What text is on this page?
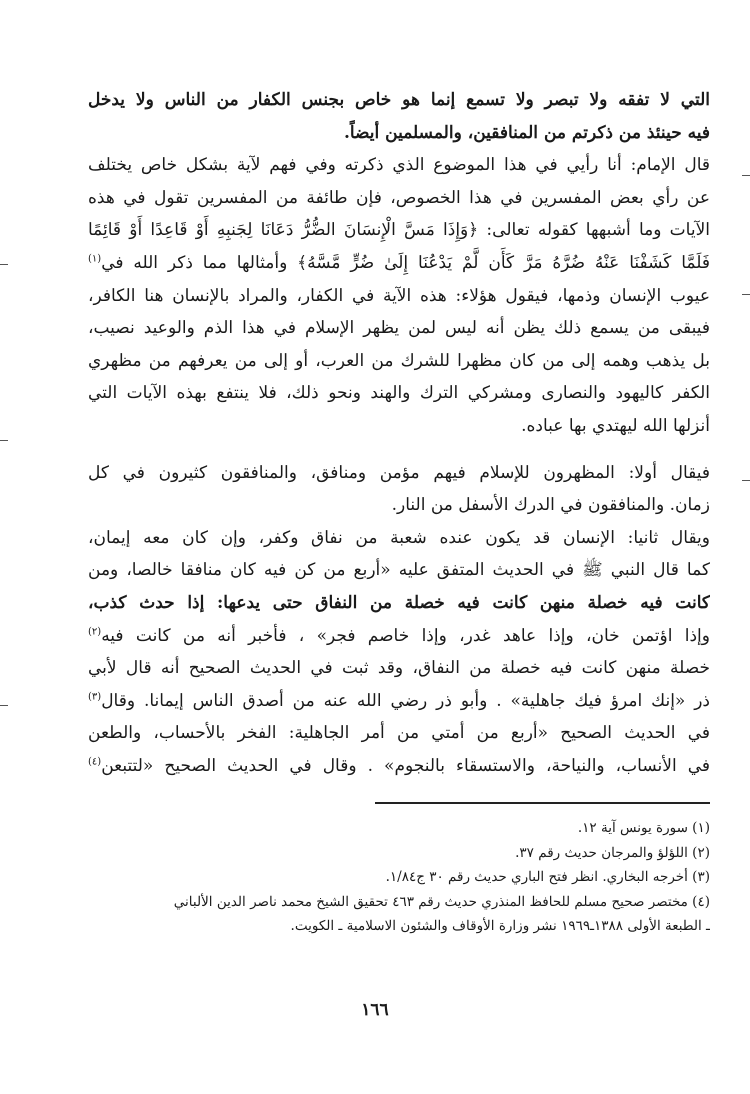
التي لا تفقه ولا تبصر ولا تسمع إنما هو خاص بجنس الكفار من الناس ولا يدخل
فيه حينئذ من ذكرتم من المنافقين، والمسلمين أيضاً.
قال الإمام: أنا رأيي في هذا الموضوع الذي ذكرته وفي فهم لآية بشكل خاص يختلف
عن رأي بعض المفسرين في هذا الخصوص، فإن طائفة من المفسرين تقول في هذه
الآيات وما أشبهها كقوله تعالى: ﴿وَإِذَا مَسَّ الْإِنسَانَ الضُّرُّ دَعَانَا لِجَنبِهِ أَوْ قَاعِدًا أَوْ قَائِمًا
فَلَمَّا كَشَفْنَا عَنْهُ ضُرَّهُ مَرَّ كَأَن لَّمْ يَدْعُنَا إِلَىٰ ضُرٍّ مَّسَّهُ﴾ وأمثالها مما ذكر الله في$^{(١)}$
عيوب الإنسان وذمها، فيقول هؤلاء: هذه الآية في الكفار، والمراد بالإنسان هنا الكافر،
فيبقى من يسمع ذلك يظن أنه ليس لمن يظهر الإسلام في هذا الذم والوعيد نصيب،
بل يذهب وهمه إلى من كان مظهرا للشرك من العرب، أو إلى من يعرفهم من مظهري
الكفر كاليهود والنصارى ومشركي الترك والهند ونحو ذلك، فلا ينتفع بهذه الآيات التي
أنزلها الله ليهتدي بها عباده.
فيقال أولا: المظهرون للإسلام فيهم مؤمن ومنافق، والمنافقون كثيرون في كل
زمان. والمنافقون في الدرك الأسفل من النار.
ويقال ثانيا: الإنسان قد يكون عنده شعبة من نفاق وكفر، وإن كان معه إيمان،
كما قال النبي ﷺ في الحديث المتفق عليه «أربع من كن فيه كان منافقا خالصا، ومن
كانت فيه خصلة منهن كانت فيه خصلة من النفاق حتى يدعها: إذا حدث كذب،
وإذا اؤتمن خان، وإذا عاهد غدر، وإذا خاصم فجر» ، فأخبر أنه من كانت فيه$^{(٢)}$
خصلة منهن كانت فيه خصلة من النفاق، وقد ثبت في الحديث الصحيح أنه قال لأبي
ذر «إنك امرؤ فيك جاهلية» . وأبو ذر رضي الله عنه من أصدق الناس إيمانا. وقال$^{(٣)}$
في الحديث الصحيح «أربع من أمتي من أمر الجاهلية: الفخر بالأحساب، والطعن
في الأنساب، والنياحة، والاستسقاء بالنجوم» . وقال في الحديث الصحيح «لتتبعن$^{(٤)}$
(١) سورة يونس آية ١٢.
(٢) اللؤلؤ والمرجان حديث رقم ٣٧.
(٣) أخرجه البخاري. انظر فتح الباري حديث رقم ٣٠ ج١/٨٤.
(٤) مختصر صحيح مسلم للحافظ المنذري حديث رقم ٤٦٣ تحقيق الشيخ محمد ناصر الدين الألباني
ـ الطبعة الأولى ١٣٨٨ـ١٩٦٩ نشر وزارة الأوقاف والشئون الاسلامية ـ الكويت.
١٦٦
